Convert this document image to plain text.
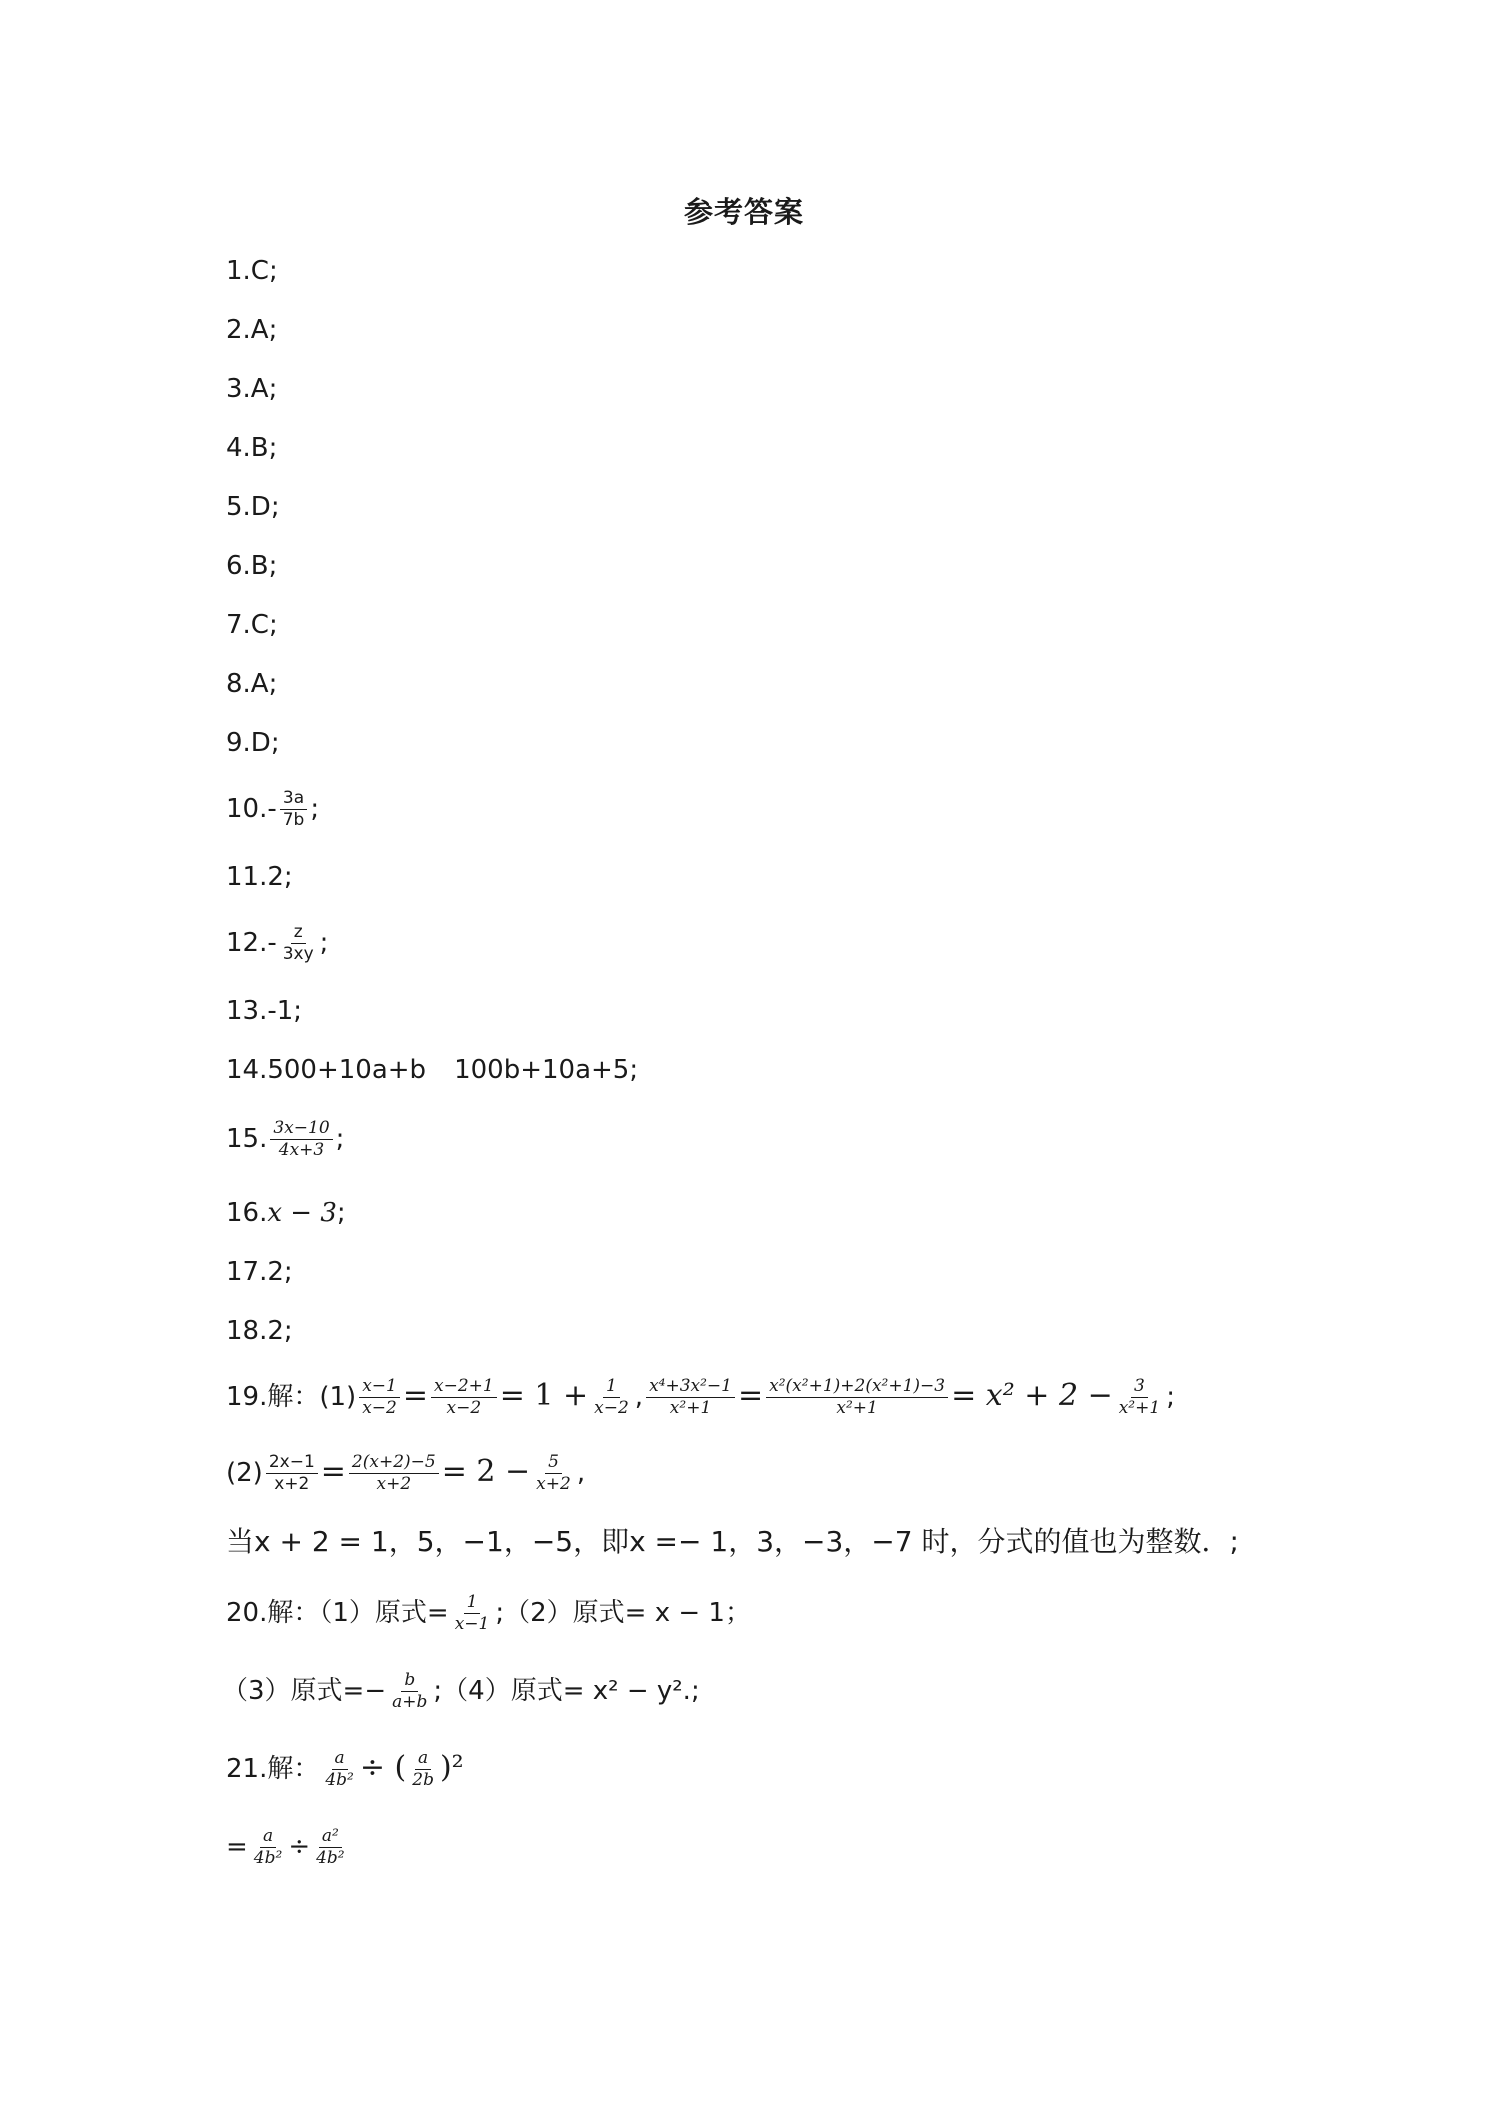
参考答案
1.C;
2.A;
3.A;
4.B;
5.D;
6.B;
7.C;
8.A;
9.D;
$10.- \frac{3a}{7b}$ ;
11.2;
$12.- \frac{z}{3xy}$ ;
13.-1;
14.500+10a+b 100b+10a+5;
15. $\frac{3x-10}{4x+3}$ ;
16.x − 3;
17.2;
18.2;
19.解：$(1) \frac{x-1}{x-2} = \frac{x-2+1}{x-2} = 1 + \frac{1}{x-2}$ , $\frac{\text{x⁴+3x²−1}}{\text{x²+1}} = \frac{\text{x²(x²+1)+2(x²+1)−3}}{\text{x²+1}} = x^2 + 2 - \frac{3}{\text{x²+1}}$ ;
$(2) \frac{2x-1}{x+2} = \frac{2(x+2)-5}{x+2} = 2 - \frac{5}{x+2}$ ,
当x + 2 = 1，5，−1，−5，即x =− 1，3，−3，−7 时，分式的值也为整数．;
20.解：（1）原式= $\frac{1}{x-1}$ ;（2）原式= x − 1；
（3）原式=− $\frac{b}{a+b}$ ;（4）原式= x² − y².;
21.解： $\frac{a}{\text{4b²}}$ ÷ ( $\frac{a}{2b} )^2$
= $\frac{a}{\text{4b²}} \div \frac{\text{a²}}{\text{4b²}}$
